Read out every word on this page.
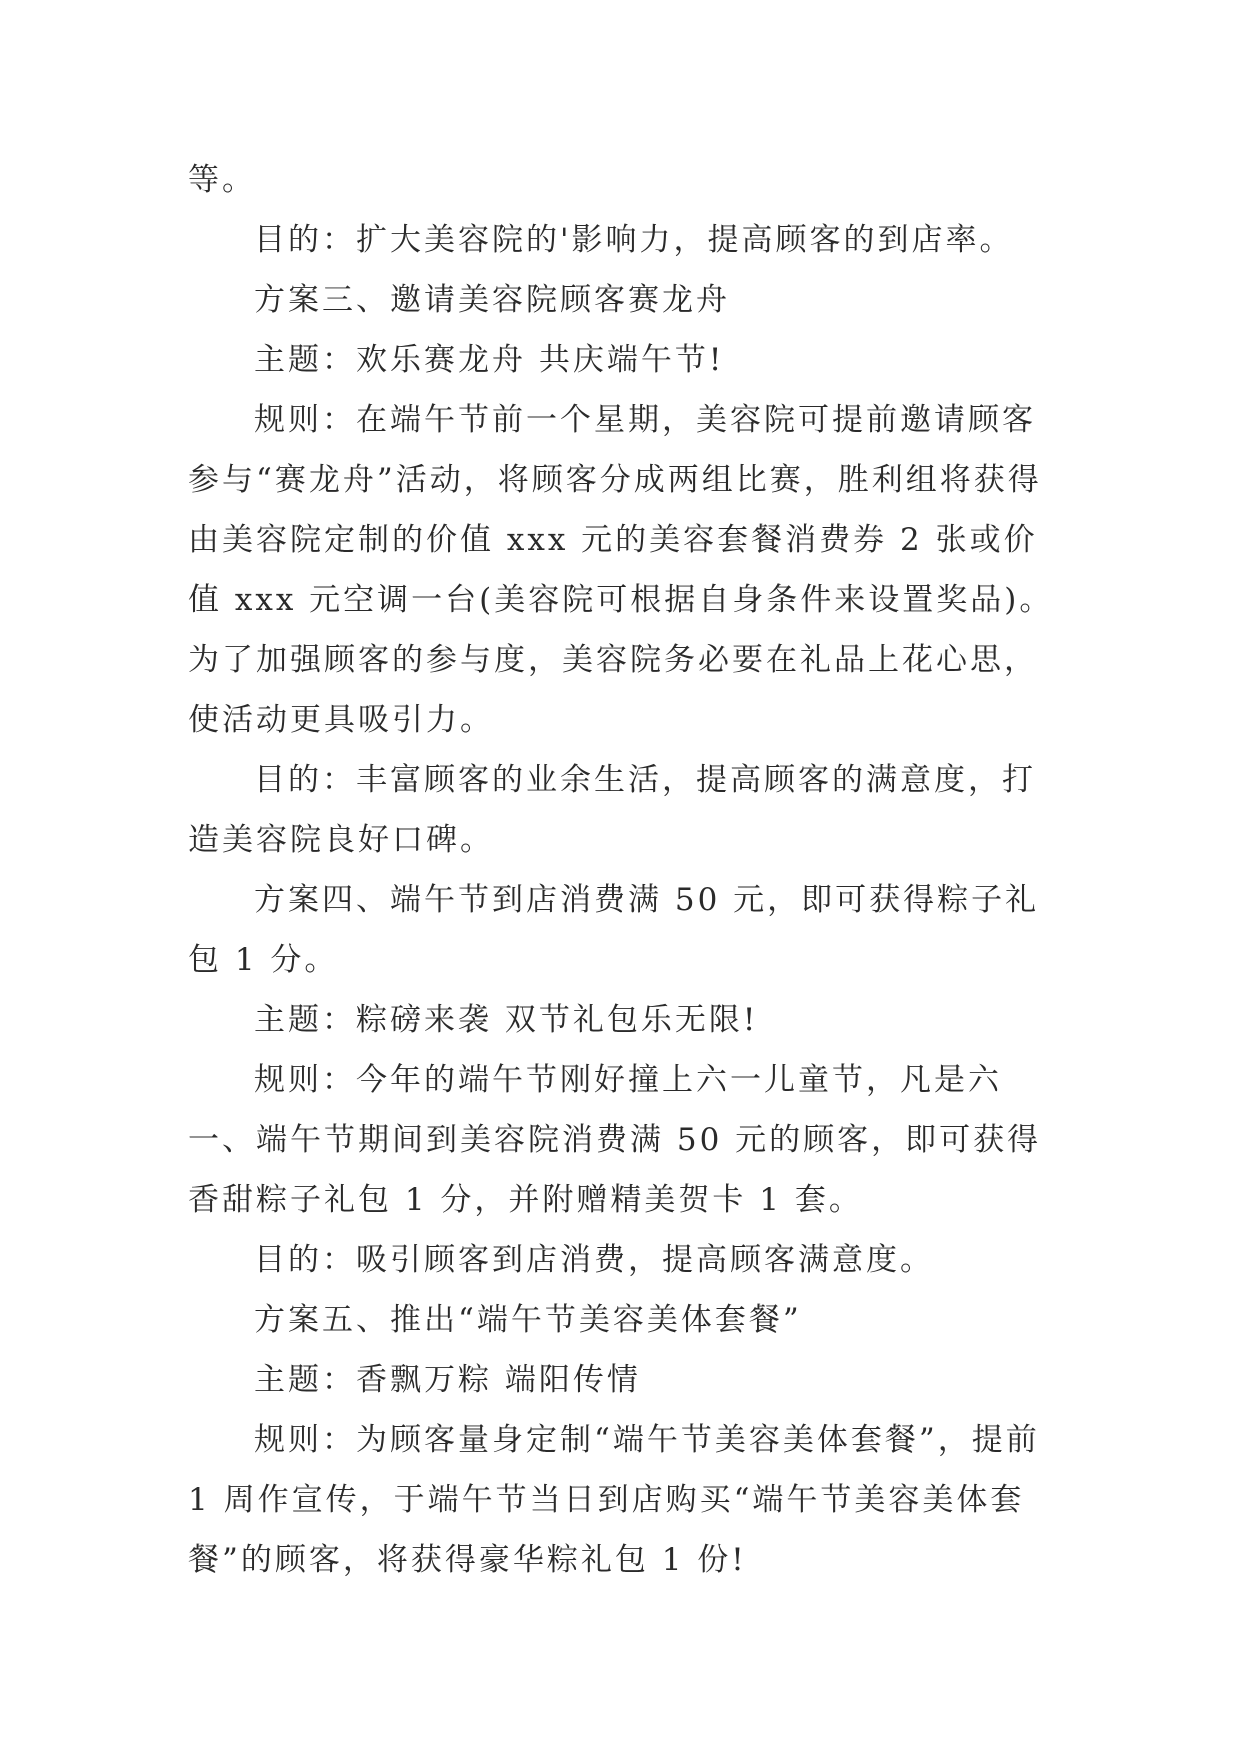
等。

目的：扩大美容院的'影响力，提高顾客的到店率。

方案三、邀请美容院顾客赛龙舟

主题：欢乐赛龙舟 共庆端午节!

规则：在端午节前一个星期，美容院可提前邀请顾客参与“赛龙舟”活动，将顾客分成两组比赛，胜利组将获得由美容院定制的价值 xxx 元的美容套餐消费券 2 张或价值 xxx 元空调一台(美容院可根据自身条件来设置奖品)。为了加强顾客的参与度，美容院务必要在礼品上花心思，使活动更具吸引力。

目的：丰富顾客的业余生活，提高顾客的满意度，打造美容院良好口碑。

方案四、端午节到店消费满 50 元，即可获得粽子礼包 1 分。

主题：粽磅来袭 双节礼包乐无限!

规则：今年的端午节刚好撞上六一儿童节，凡是六一、端午节期间到美容院消费满 50 元的顾客，即可获得香甜粽子礼包 1 分，并附赠精美贺卡 1 套。

目的：吸引顾客到店消费，提高顾客满意度。

方案五、推出“端午节美容美体套餐”

主题：香飘万粽 端阳传情

规则：为顾客量身定制“端午节美容美体套餐”，提前 1 周作宣传，于端午节当日到店购买“端午节美容美体套餐”的顾客，将获得豪华粽礼包 1 份!
